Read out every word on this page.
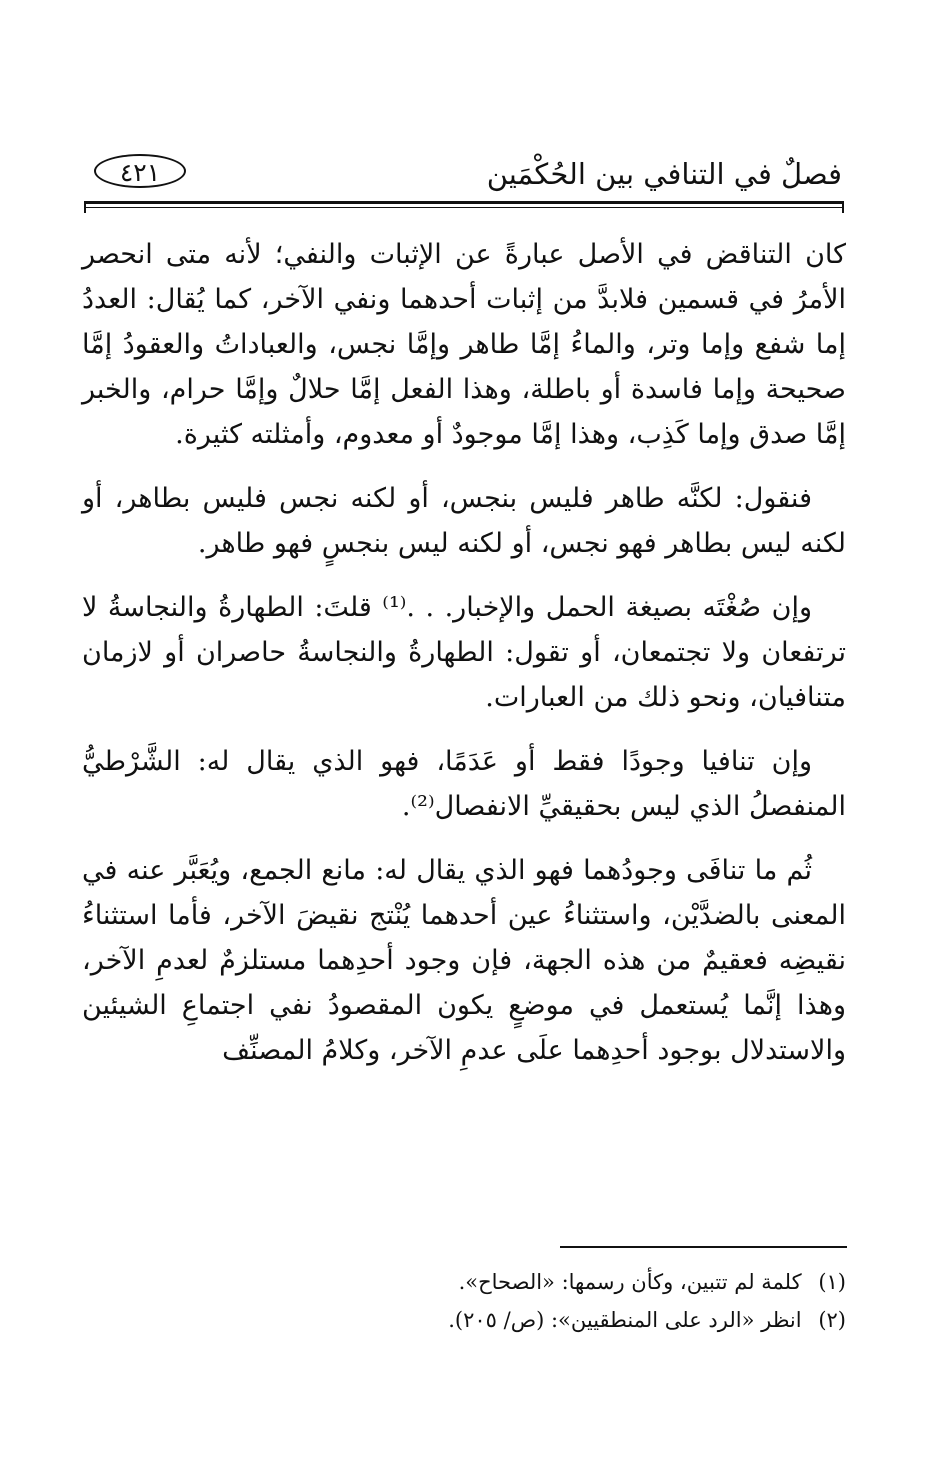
فصلٌ في التنافي بين الحُكْمَين
٤٢١

كان التناقض في الأصل عبارةً عن الإثبات والنفي؛ لأنه متى انحصر الأمرُ في قسمين فلابدَّ من إثبات أحدهما ونفي الآخر، كما يُقال: العددُ إما شفع وإما وتر، والماءُ إمَّا طاهر وإمَّا نجس، والعباداتُ والعقودُ إمَّا صحيحة وإما فاسدة أو باطلة، وهذا الفعل إمَّا حلالٌ وإمَّا حرام، والخبر إمَّا صدق وإما كَذِب، وهذا إمَّا موجودٌ أو معدوم، وأمثلته كثيرة.

فنقول: لكنَّه طاهر فليس بنجس، أو لكنه نجس فليس بطاهر، أو لكنه ليس بطاهر فهو نجس، أو لكنه ليس بنجسٍ فهو طاهر.

وإن صُغْتَه بصيغة الحمل والإخبار. . .⁽¹⁾ قلتَ: الطهارةُ والنجاسةُ لا ترتفعان ولا تجتمعان، أو تقول: الطهارةُ والنجاسةُ حاصران أو لازمان متنافيان، ونحو ذلك من العبارات.

وإن تنافيا وجودًا فقط أو عَدَمًا، فهو الذي يقال له: الشَّرْطيُّ المنفصلُ الذي ليس بحقيقيِّ الانفصال⁽²⁾.

ثُم ما تنافَى وجودُهما فهو الذي يقال له: مانع الجمع، ويُعَبَّر عنه في المعنى بالضدَّيْن، واستثناءُ عين أحدهما يُنْتج نقيضَ الآخر، فأما استثناءُ نقيضِه فعقيمٌ من هذه الجهة، فإن وجود أحدِهما مستلزمٌ لعدمِ الآخر، وهذا إنَّما يُستعمل في موضعٍ يكون المقصودُ نفي اجتماعِ الشيئين والاستدلال بوجود أحدِهما علَى عدمِ الآخر، وكلامُ المصنِّف

(١) كلمة لم تتبين، وكأن رسمها: «الصحاح».

(٢) انظر «الرد على المنطقيين»: (ص/ ٢٠٥).
